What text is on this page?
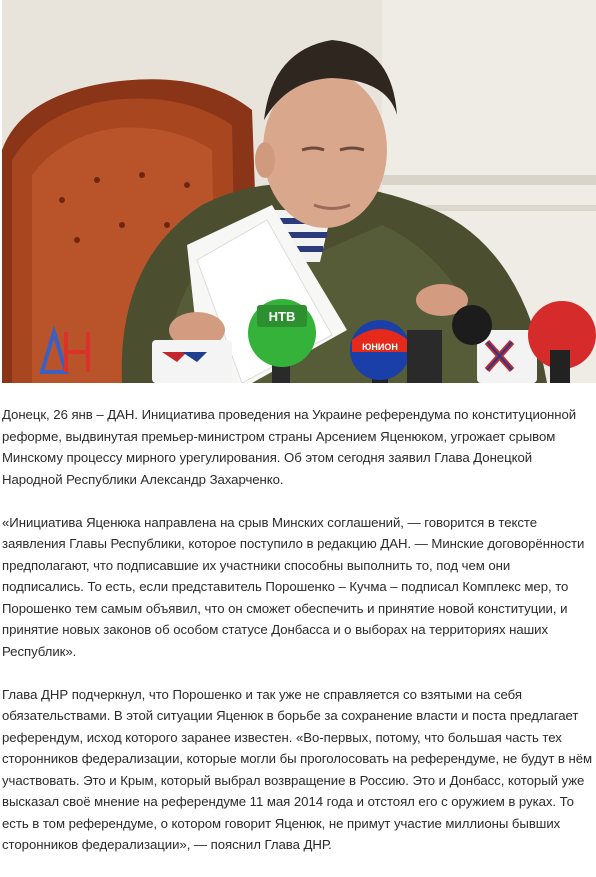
НТВ
ЮНИОН

Донецк, 26 янв – ДАН. Инициатива проведения на Украине референдума по конституционной реформе, выдвинутая премьер-министром страны Арсением Яценюком, угрожает срывом Минскому процессу мирного урегулирования. Об этом сегодня заявил Глава Донецкой Народной Республики Александр Захарченко.

«Инициатива Яценюка направлена на срыв Минских соглашений, — говорится в тексте заявления Главы Республики, которое поступило в редакцию ДАН. — Минские договорённости предполагают, что подписавшие их участники способны выполнить то, под чем они подписались. То есть, если представитель Порошенко – Кучма – подписал Комплекс мер, то Порошенко тем самым объявил, что он сможет обеспечить и принятие новой конституции, и принятие новых законов об особом статусе Донбасса и о выборах на территориях наших Республик».

Глава ДНР подчеркнул, что Порошенко и так уже не справляется со взятыми на себя обязательствами. В этой ситуации Яценюк в борьбе за сохранение власти и поста предлагает референдум, исход которого заранее известен. «Во-первых, потому, что большая часть тех сторонников федерализации, которые могли бы проголосовать на референдуме, не будут в нём участвовать. Это и Крым, который выбрал возвращение в Россию. Это и Донбасс, который уже высказал своё мнение на референдуме 11 мая 2014 года и отстоял его с оружием в руках. То есть в том референдуме, о котором говорит Яценюк, не примут участие миллионы бывших сторонников федерализации», — пояснил Глава ДНР.
